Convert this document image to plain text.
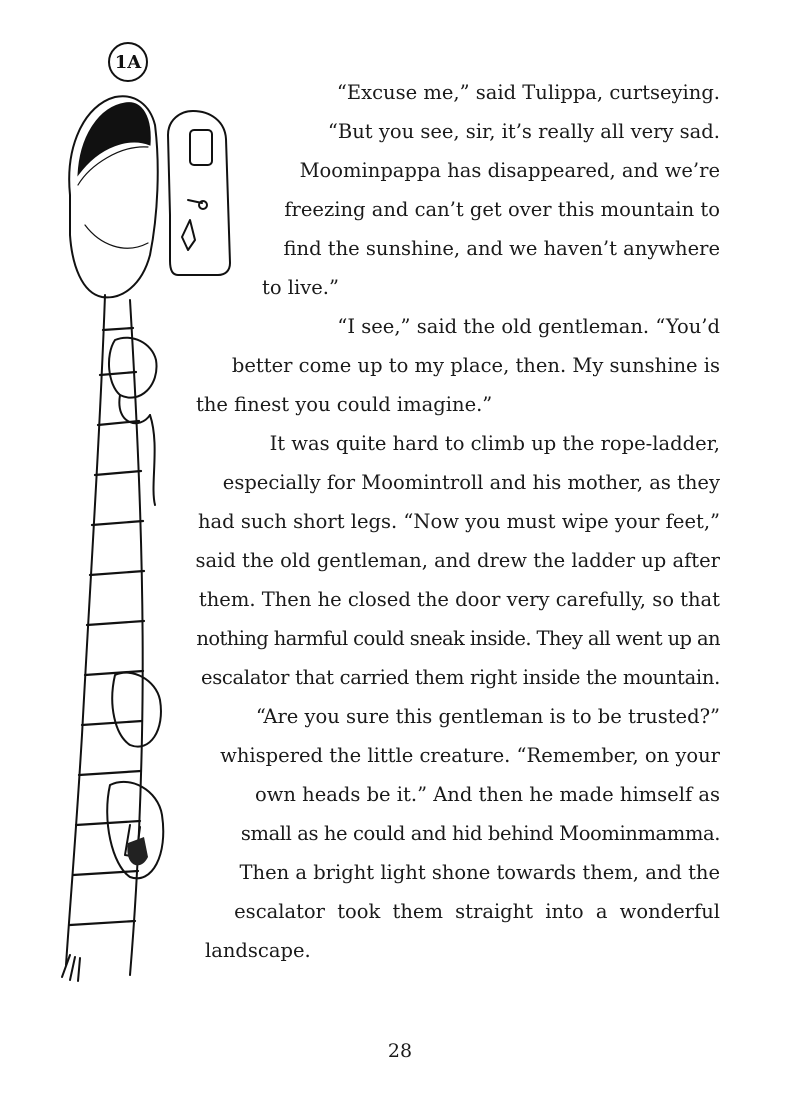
1A

“Excuse me,” said Tulippa, curtseying.

“But you see, sir, it’s really all very sad.

Moominpappa has disappeared, and we’re

freezing and can’t get over this mountain to

find the sunshine, and we haven’t anywhere

to live.”

“I see,” said the old gentleman. “You’d

better come up to my place, then. My sunshine is

the finest you could imagine.”

It was quite hard to climb up the rope-ladder,

especially for Moomintroll and his mother, as they

had such short legs. “Now you must wipe your feet,”

said the old gentleman, and drew the ladder up after

them. Then he closed the door very carefully, so that

nothing harmful could sneak inside. They all went up an

escalator that carried them right inside the mountain.

“Are you sure this gentleman is to be trusted?”

whispered the little creature. “Remember, on your

own heads be it.” And then he made himself as

small as he could and hid behind Moominmamma.

Then a bright light shone towards them, and the

escalator took them straight into a wonderful

landscape.

28
